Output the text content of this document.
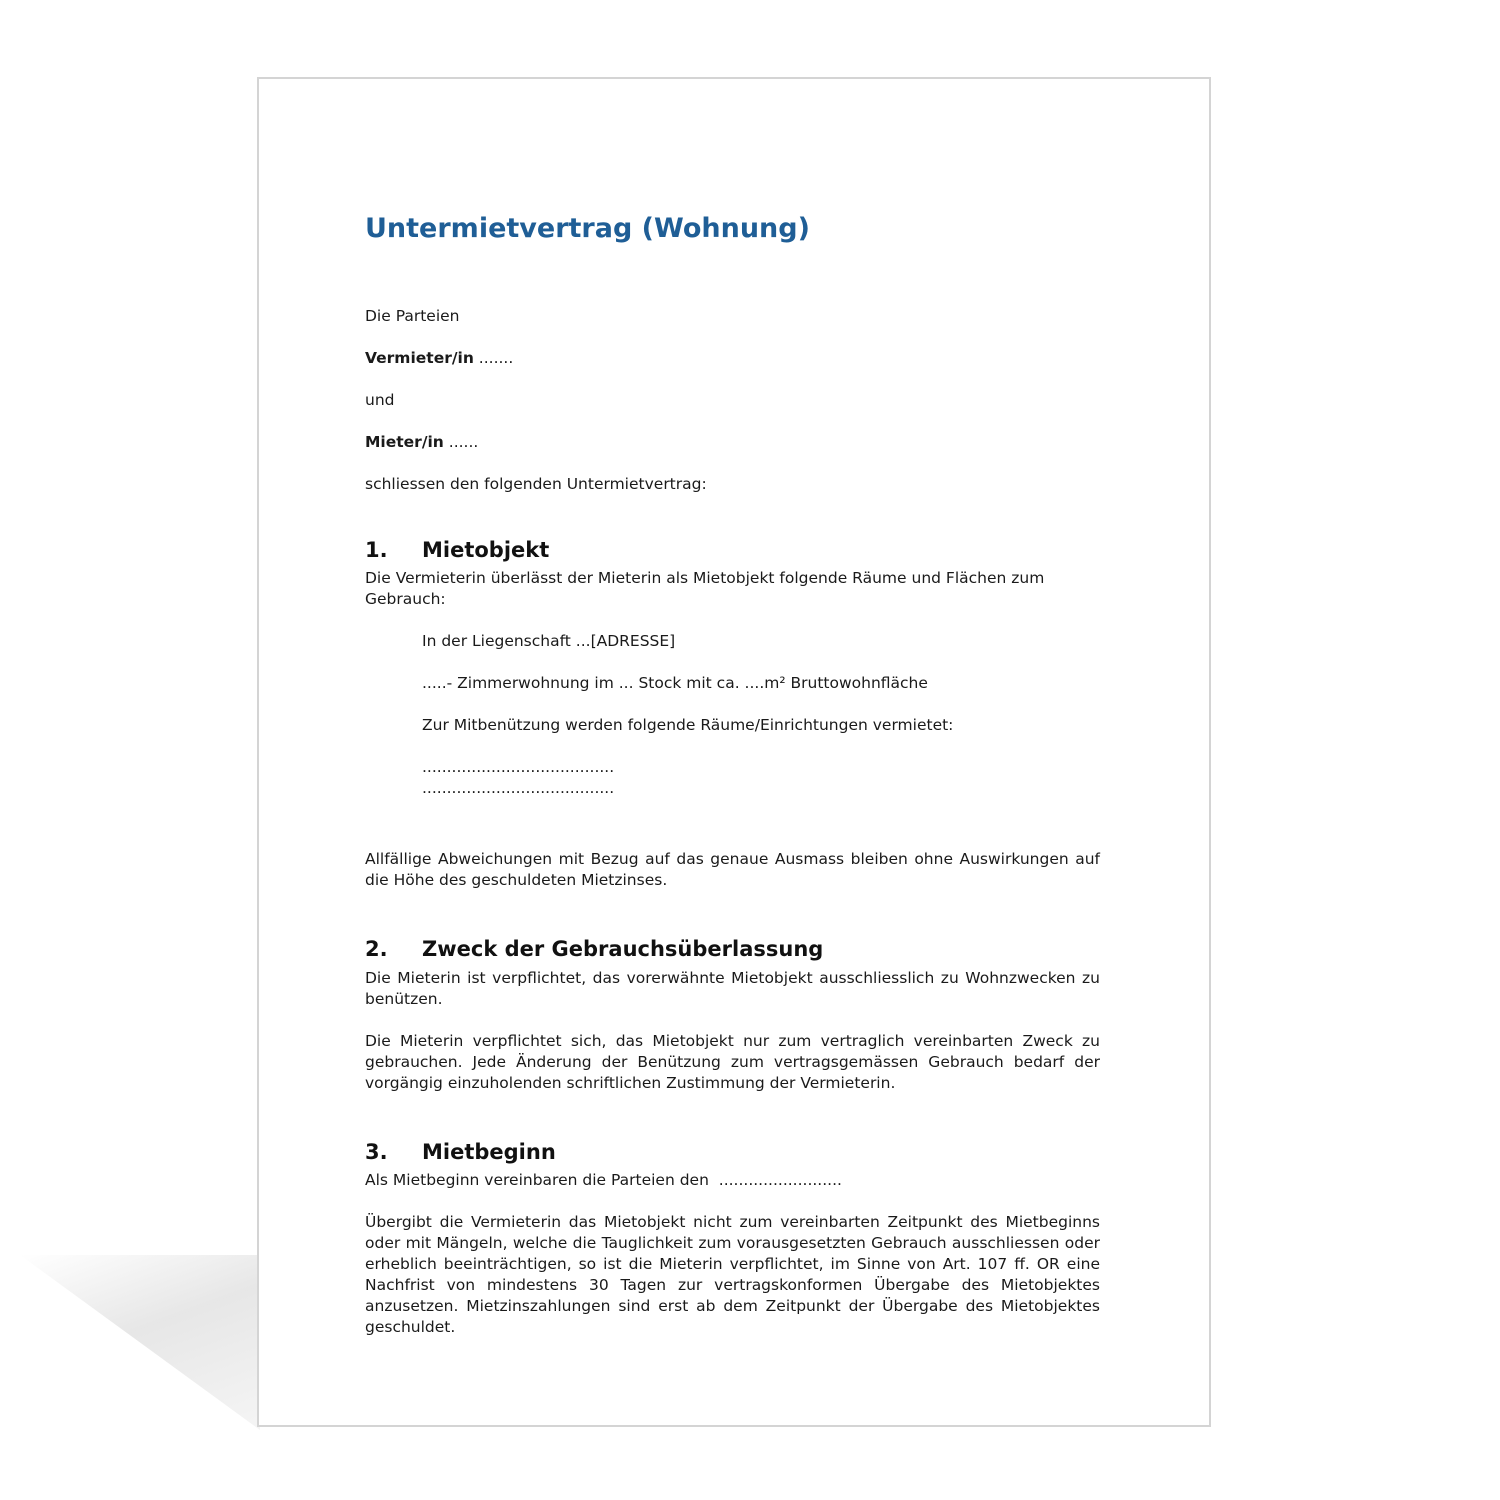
Untermietvertrag (Wohnung)

Die Parteien

Vermieter/in .......

und

Mieter/in ......

schliessen den folgenden Untermietvertrag:

1.	Mietobjekt

Die Vermieterin überlässt der Mieterin als Mietobjekt folgende Räume und Flächen zum Gebrauch:

In der Liegenschaft ...[ADRESSE]

.....- Zimmerwohnung im ... Stock mit ca. ....m² Bruttowohnfläche

Zur Mitbenützung werden folgende Räume/Einrichtungen vermietet:

.......................................

.......................................

Allfällige Abweichungen mit Bezug auf das genaue Ausmass bleiben ohne Auswirkungen auf die Höhe des geschuldeten Mietzinses.

2.	Zweck der Gebrauchsüberlassung

Die Mieterin ist verpflichtet, das vorerwähnte Mietobjekt ausschliesslich zu Wohnzwecken zu benützen.

Die Mieterin verpflichtet sich, das Mietobjekt nur zum vertraglich vereinbarten Zweck zu gebrauchen. Jede Änderung der Benützung zum vertragsgemässen Gebrauch bedarf der vorgängig einzuholenden schriftlichen Zustimmung der Vermieterin.

3.	Mietbeginn

Als Mietbeginn vereinbaren die Parteien den .........................

Übergibt die Vermieterin das Mietobjekt nicht zum vereinbarten Zeitpunkt des Mietbeginns oder mit Mängeln, welche die Tauglichkeit zum vorausgesetzten Gebrauch ausschliessen oder erheblich beeinträchtigen, so ist die Mieterin verpflichtet, im Sinne von Art. 107 ff. OR eine Nachfrist von mindestens 30 Tagen zur vertragskonformen Übergabe des Mietobjektes anzusetzen. Mietzinszahlungen sind erst ab dem Zeitpunkt der Übergabe des Mietobjektes geschuldet.
